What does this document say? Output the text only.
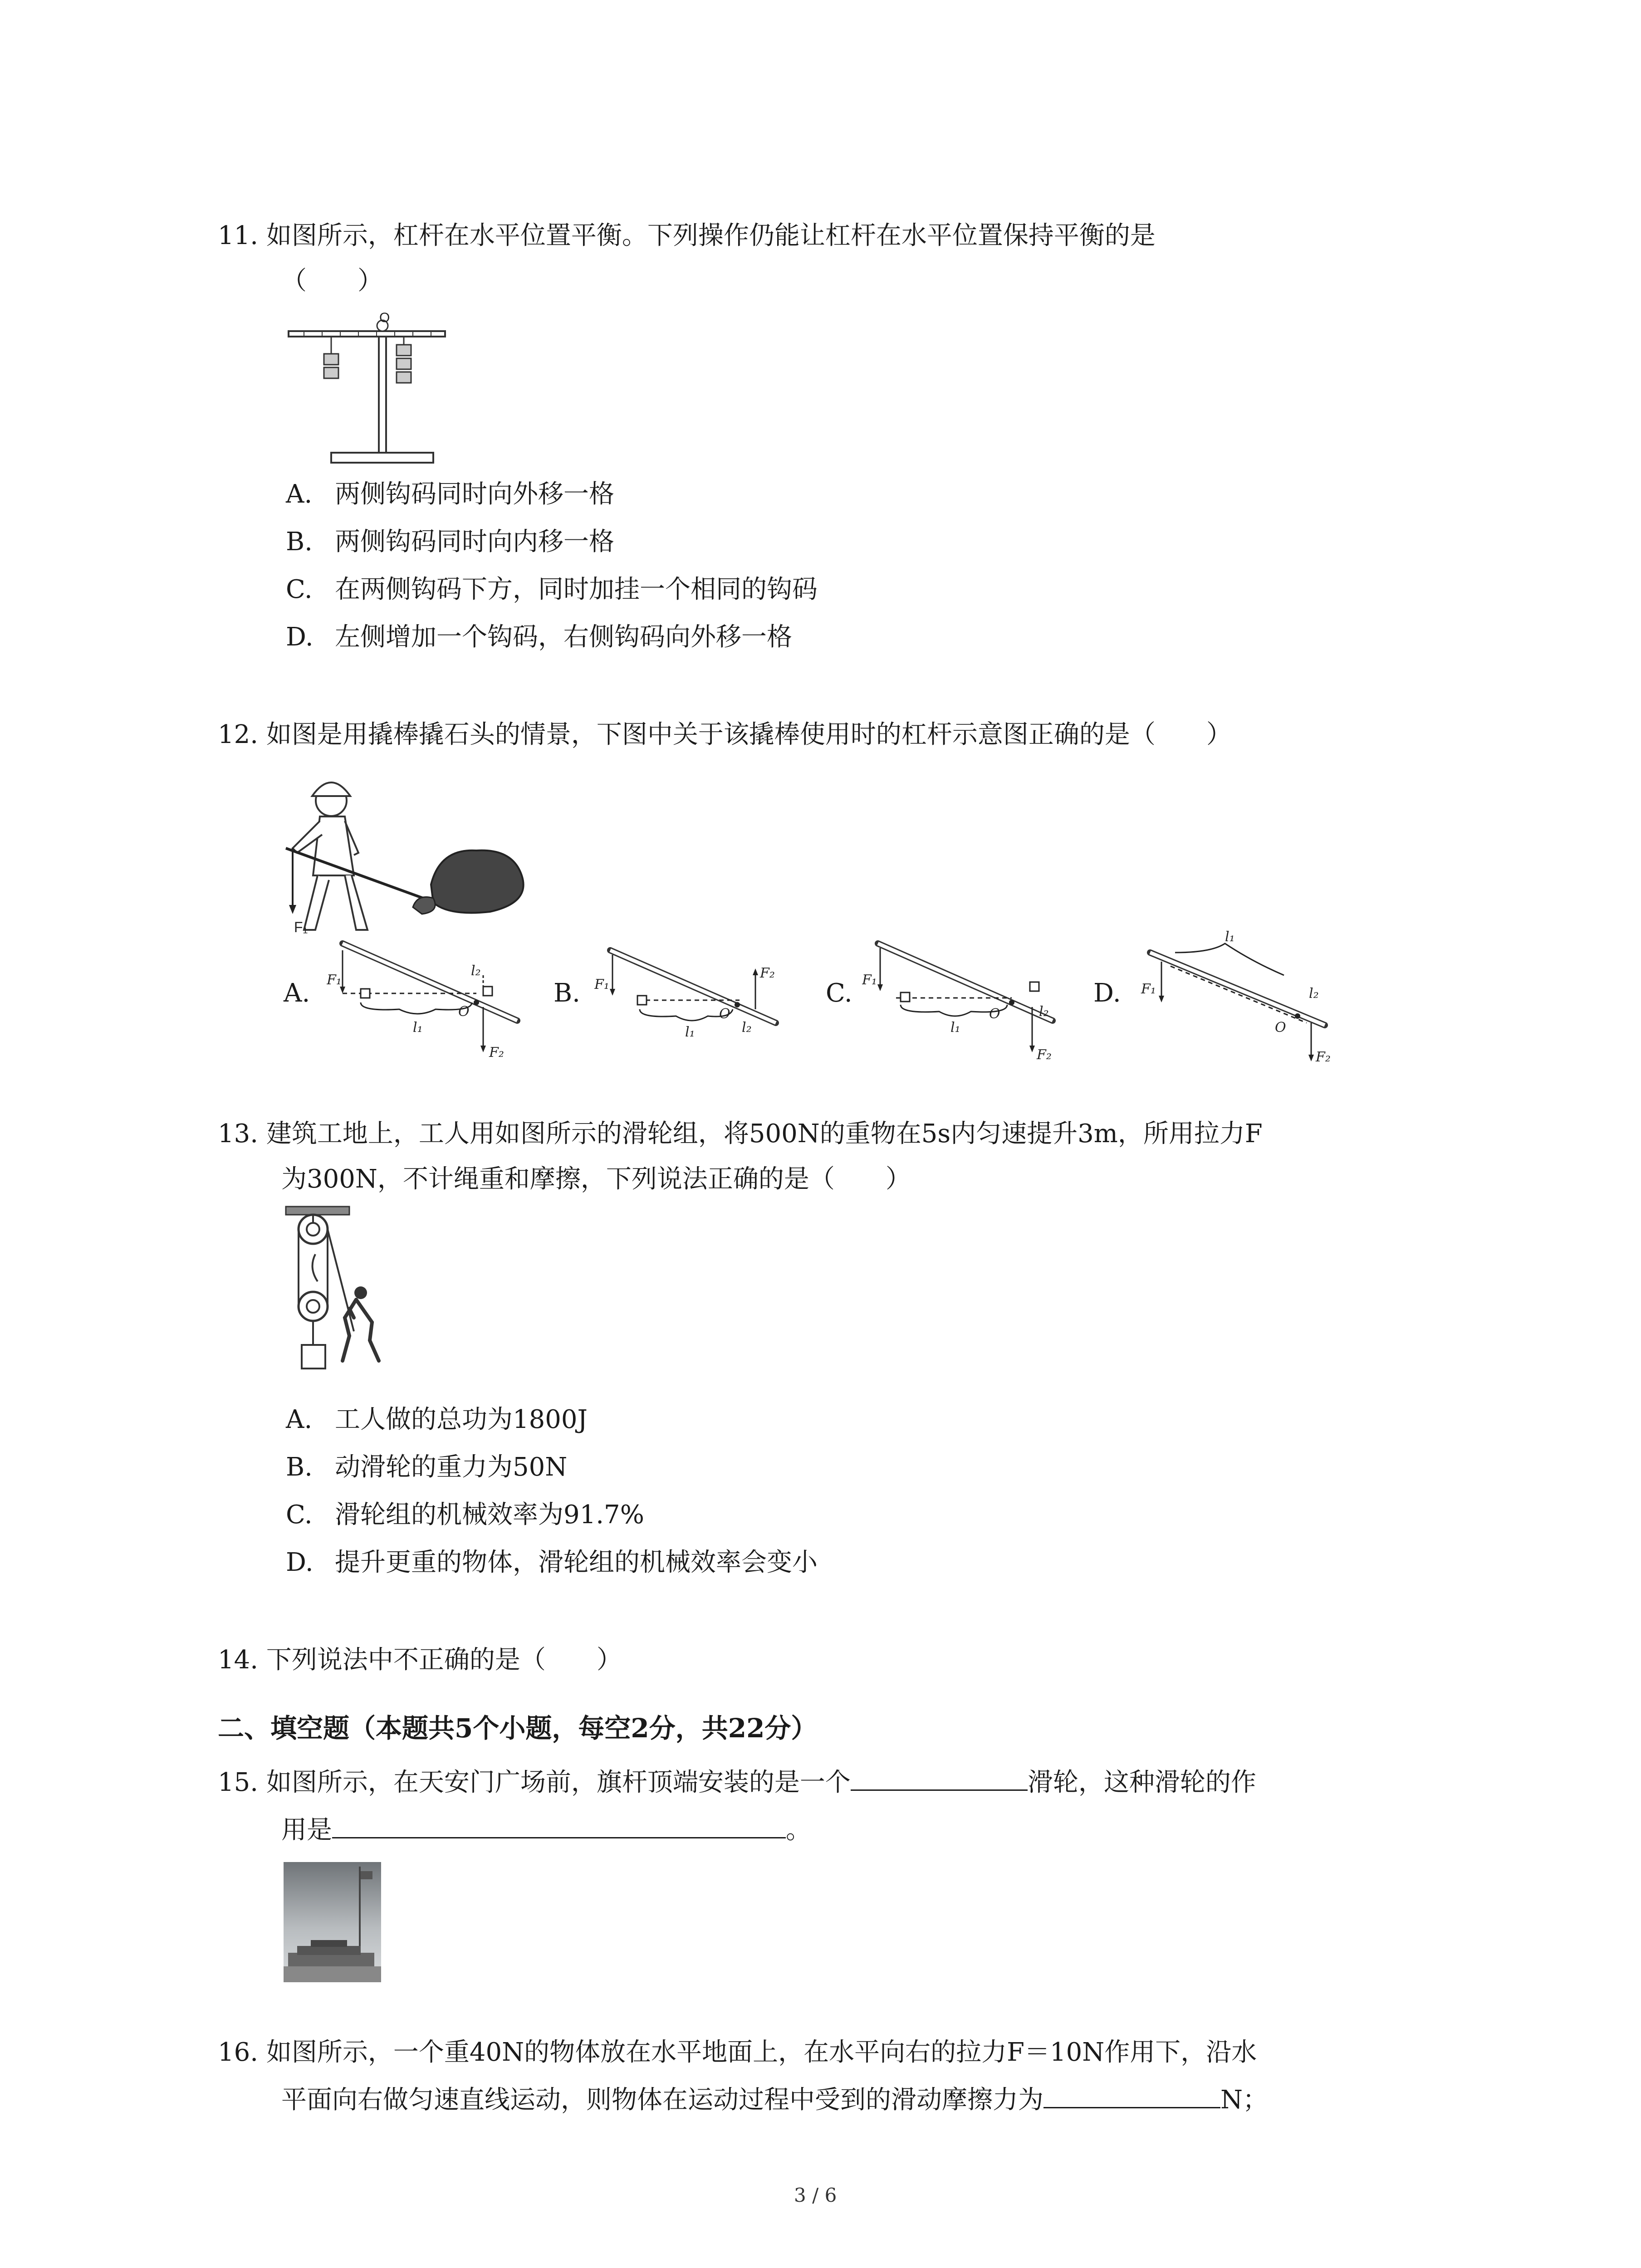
11. 如图所示，杠杆在水平位置平衡。下列操作仍能让杠杆在水平位置保持平衡的是
（　　）
O
A. 两侧钩码同时向外移一格
B. 两侧钩码同时向内移一格
C. 在两侧钩码下方，同时加挂一个相同的钩码
D. 左侧增加一个钩码，右侧钩码向外移一格
12. 如图是用撬棒撬石头的情景，下图中关于该撬棒使用时的杠杆示意图正确的是（　　）
F₁
A. F₁
l₁
O
F₂
l₂
B. F₁
l₁
O
F₂
l₂
C. F₁
F₂
l₂
l₁
O
D. F₁
l₁
O
l₂
F₂
13. 建筑工地上，工人用如图所示的滑轮组，将500N的重物在5s内匀速提升3m，所用拉力F
为300N，不计绳重和摩擦，下列说法正确的是（　　）
A. 工人做的总功为1800J
B. 动滑轮的重力为50N
C. 滑轮组的机械效率为91.7%
D. 提升更重的物体，滑轮组的机械效率会变小
14. 下列说法中不正确的是（　　）
二、填空题（本题共5个小题，每空2分，共22分）
15. 如图所示，在天安门广场前，旗杆顶端安装的是一个	滑轮，这种滑轮的作
用是	。
16. 如图所示，一个重40N的物体放在水平地面上，在水平向右的拉力F＝10N作用下，沿水
平面向右做匀速直线运动，则物体在运动过程中受到的滑动摩擦力为	N；
3 / 6
